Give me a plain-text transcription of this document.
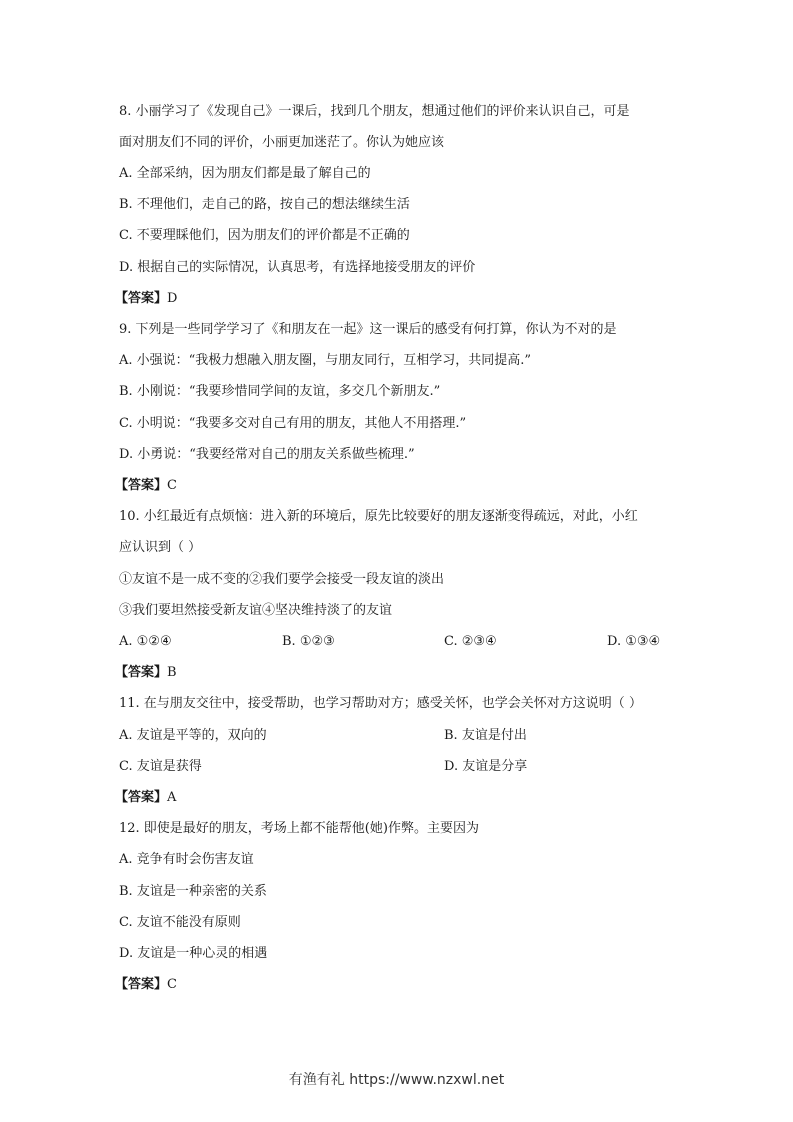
8. 小丽学习了《发现自己》一课后，找到几个朋友，想通过他们的评价来认识自己，可是
面对朋友们不同的评价，小丽更加迷茫了。你认为她应该
A. 全部采纳，因为朋友们都是最了解自己的
B. 不理他们，走自己的路，按自己的想法继续生活
C. 不要理睬他们，因为朋友们的评价都是不正确的
D. 根据自己的实际情况，认真思考，有选择地接受朋友的评价
【答案】D
9. 下列是一些同学学习了《和朋友在一起》这一课后的感受有何打算，你认为不对的是
A. 小强说：“我极力想融入朋友圈，与朋友同行，互相学习，共同提高.”
B. 小刚说：“我要珍惜同学间的友谊，多交几个新朋友.”
C. 小明说：“我要多交对自己有用的朋友，其他人不用搭理.”
D. 小勇说：“我要经常对自己的朋友关系做些梳理.”
【答案】C
10. 小红最近有点烦恼：进入新的环境后，原先比较要好的朋友逐渐变得疏远，对此，小红
应认识到（ ）
①友谊不是一成不变的②我们要学会接受一段友谊的淡出
③我们要坦然接受新友谊④坚决维持淡了的友谊
A. ①②④	B. ①②③	C. ②③④	D. ①③④
【答案】B
11. 在与朋友交往中，接受帮助，也学习帮助对方；感受关怀，也学会关怀对方这说明（ ）
A. 友谊是平等的，双向的	B. 友谊是付出
C. 友谊是获得	D. 友谊是分享
【答案】A
12. 即使是最好的朋友，考场上都不能帮他(她)作弊。主要因为
A. 竞争有时会伤害友谊
B. 友谊是一种亲密的关系
C. 友谊不能没有原则
D. 友谊是一种心灵的相遇
【答案】C
有渔有礼 https://www.nzxwl.net
